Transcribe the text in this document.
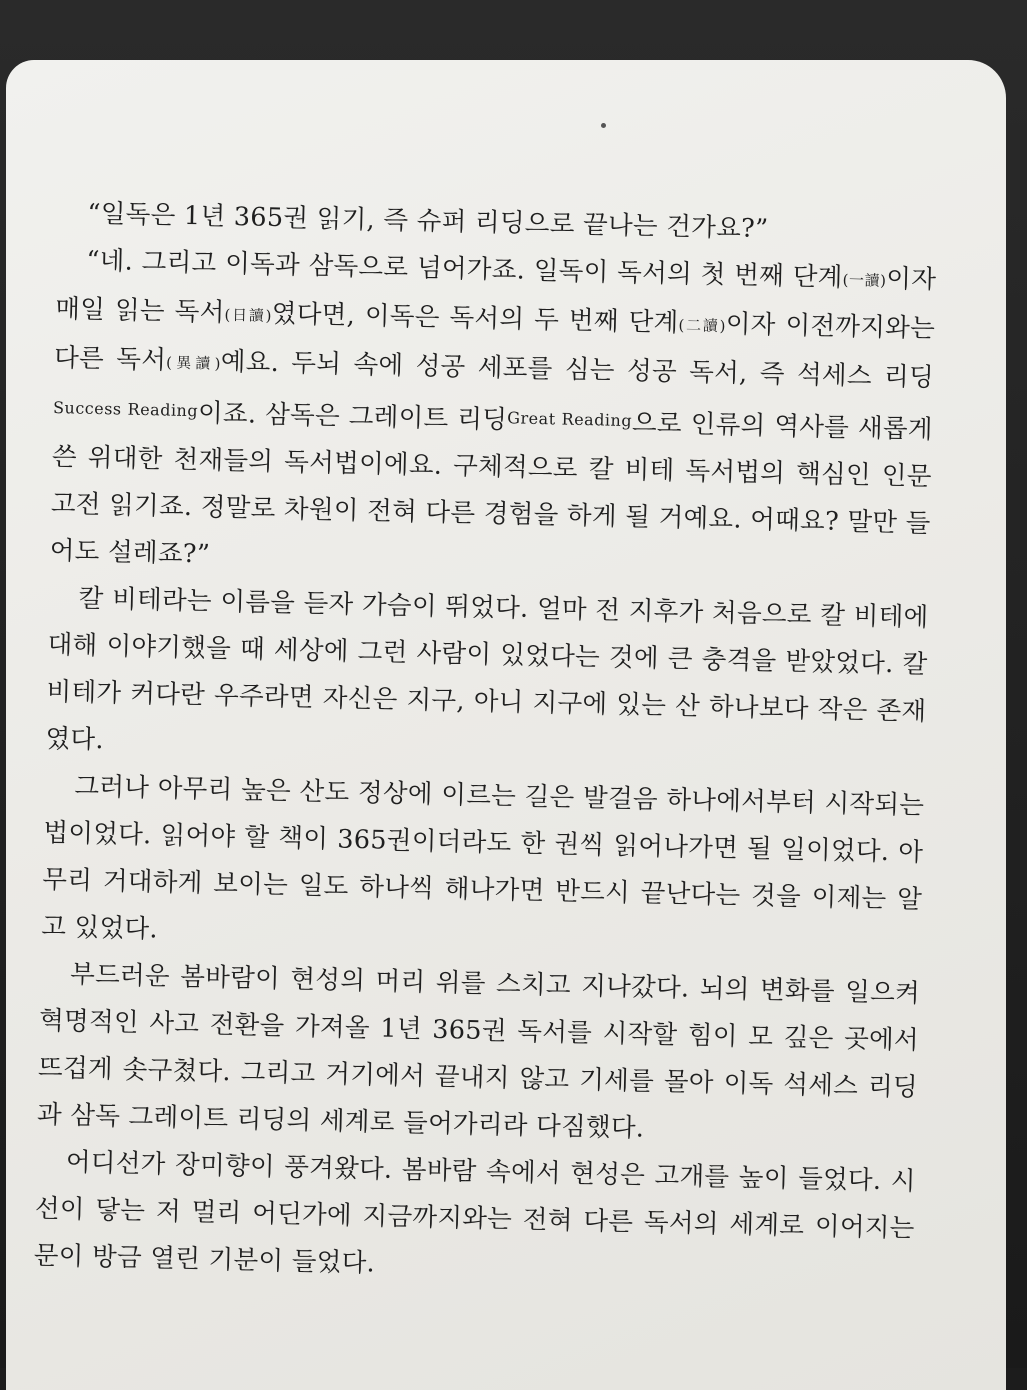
“일독은 1년 365권 읽기, 즉 슈퍼 리딩으로 끝나는 건가요?”

“네. 그리고 이독과 삼독으로 넘어가죠. 일독이 독서의 첫 번째 단계(一讀)이자 매일 읽는 독서(日讀)였다면, 이독은 독서의 두 번째 단계(二讀)이자 이전까지와는 다른 독서(異讀)예요. 두뇌 속에 성공 세포를 심는 성공 독서, 즉 석세스 리딩Success Reading이죠. 삼독은 그레이트 리딩Great Reading으로 인류의 역사를 새롭게 쓴 위대한 천재들의 독서법이에요. 구체적으로 칼 비테 독서법의 핵심인 인문고전 읽기죠. 정말로 차원이 전혀 다른 경험을 하게 될 거예요. 어때요? 말만 들어도 설레죠?”

칼 비테라는 이름을 듣자 가슴이 뛰었다. 얼마 전 지후가 처음으로 칼 비테에 대해 이야기했을 때 세상에 그런 사람이 있었다는 것에 큰 충격을 받았었다. 칼 비테가 커다란 우주라면 자신은 지구, 아니 지구에 있는 산 하나보다 작은 존재였다.

그러나 아무리 높은 산도 정상에 이르는 길은 발걸음 하나에서부터 시작되는 법이었다. 읽어야 할 책이 365권이더라도 한 권씩 읽어나가면 될 일이었다. 아무리 거대하게 보이는 일도 하나씩 해나가면 반드시 끝난다는 것을 이제는 알고 있었다.

부드러운 봄바람이 현성의 머리 위를 스치고 지나갔다. 뇌의 변화를 일으켜 혁명적인 사고 전환을 가져올 1년 365권 독서를 시작할 힘이 모 깊은 곳에서 뜨겁게 솟구쳤다. 그리고 거기에서 끝내지 않고 기세를 몰아 이독 석세스 리딩과 삼독 그레이트 리딩의 세계로 들어가리라 다짐했다.

어디선가 장미향이 풍겨왔다. 봄바람 속에서 현성은 고개를 높이 들었다. 시선이 닿는 저 멀리 어딘가에 지금까지와는 전혀 다른 독서의 세계로 이어지는 문이 방금 열린 기분이 들었다.
